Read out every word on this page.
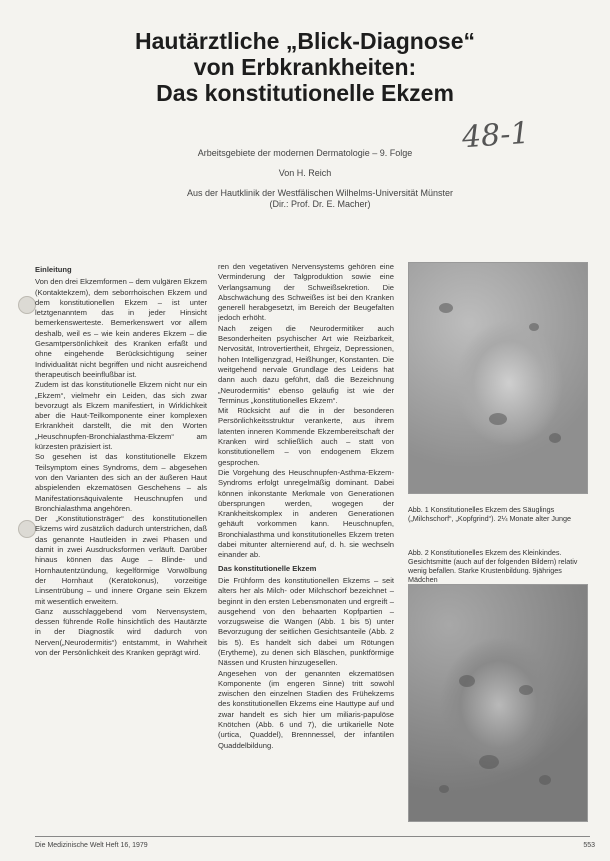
Hautärztliche „Blick-Diagnose“
von Erbkrankheiten:
Das konstitutionelle Ekzem
48-1
Arbeitsgebiete der modernen Dermatologie – 9. Folge
Von H. Reich
Aus der Hautklinik der Westfälischen Wilhelms-Universität Münster
(Dir.: Prof. Dr. E. Macher)

Einleitung

Von den drei Ekzemformen – dem vulgären Ekzem (Kontaktekzem), dem seborrhoischen Ekzem und dem konstitutionellen Ekzem – ist unter letztgenanntem das in jeder Hinsicht bemerkenswerteste. Bemerkenswert vor allem deshalb, weil es – wie kein anderes Ekzem – die Gesamtpersönlichkeit des Kranken erfaßt und ohne eingehende Berücksichtigung seiner Individualität nicht begriffen und nicht ausreichend therapeutisch beeinflußbar ist.

Zudem ist das konstitutionelle Ekzem nicht nur ein „Ekzem“, vielmehr ein Leiden, das sich zwar bevorzugt als Ekzem manifestiert, in Wirklichkeit aber die Haut-Teilkomponente einer komplexen Erkrankheit darstellt, die mit den Worten „Heuschnupfen-Bronchialasthma-Ekzem“ am kürzesten präzisiert ist.

So gesehen ist das konstitutionelle Ekzem Teilsymptom eines Syndroms, dem – abgesehen von den Varianten des sich an der äußeren Haut abspielenden ekzematösen Geschehens – als Manifestationsäquivalente Heuschnupfen und Bronchialasthma angehören.

Der „Konstitutionsträger“ des konstitutionellen Ekzems wird zusätzlich dadurch unterstrichen, daß das genannte Hautleiden in zwei Phasen und damit in zwei Ausdrucksformen verläuft. Darüber hinaus können das Auge – Blinde- und Hornhautentzündung, kegelförmige Vorwölbung der Hornhaut (Keratokonus), vorzeitige Linsentrübung – und innere Organe sein Ekzem mit wesentlich erweitern.

Ganz ausschlaggebend vom Nervensystem, dessen führende Rolle hinsichtlich des Hautärzte in der Diagnostik wird dadurch von Nerven(„Neurodermitis“) entstammt, in Wahrheit von der Persönlichkeit des Kranken geprägt wird.

ren den vegetativen Nervensystems gehören eine Verminderung der Talgproduktion sowie eine Verlangsamung der Schweißsekretion. Die Abschwächung des Schweißes ist bei den Kranken generell herabgesetzt, im Bereich der Beugefalten jedoch erhöht.

Nach zeigen die Neurodermitiker auch Besonderheiten psychischer Art wie Reizbarkeit, Nervosität, Introvertiertheit, Ehrgeiz, Depressionen, hohen Intelligenzgrad, Heißhunger, Konstanten. Die weitgehend nervale Grundlage des Leidens hat dann auch dazu geführt, daß die Bezeichnung „Neurodermitis“ ebenso geläufig ist wie der Terminus „konstitutionelles Ekzem“.

Mit Rücksicht auf die in der besonderen Persönlichkeitsstruktur verankerte, aus ihrem latenten inneren Kommende Ekzembereitschaft der Kranken wird schließlich auch – statt von konstitutionellem – von endogenem Ekzem gesprochen.

Die Vorgehung des Heuschnupfen-Asthma-Ekzem-Syndroms erfolgt unregelmäßig dominant. Dabei können inkonstante Merkmale von Generationen übersprungen werden, wogegen der Krankheitskomplex in anderen Generationen gehäuft vorkommen kann. Heuschnupfen, Bronchialasthma und konstitutionelles Ekzem treten dabei mitunter alternierend auf, d. h. sie wechseln einander ab.

Das konstitutionelle Ekzem

Die Frühform des konstitutionellen Ekzems – seit alters her als Milch- oder Milchschorf bezeichnet – beginnt in den ersten Lebensmonaten und ergreift – ausgehend von den behaarten Kopfpartien – vorzugsweise die Wangen (Abb. 1 bis 5) unter Bevorzugung der seitlichen Gesichtsanteile (Abb. 2 bis 5). Es handelt sich dabei um Rötungen (Erytheme), zu denen sich Bläschen, punktförmige Nässen und Krusten hinzugesellen.

Angesehen von der genannten ekzematösen Komponente (im engeren Sinne) tritt sowohl zwischen den einzelnen Stadien des Frühekzems des konstitutionellen Ekzems eine Hauttype auf und zwar handelt es sich hier um miliaris-papulöse Knötchen (Abb. 6 und 7), die urtikarielle Note (urtica, Quaddel), Brennnessel, der infantilen Quaddelbildung.

Abb. 1 Konstitutionelles Ekzem des Säuglings („Milchschorf“, „Kopfgrind“). 2¼ Monate alter Junge
Abb. 2 Konstitutionelles Ekzem des Kleinkindes. Gesichtsmitte (auch auf der folgenden Bildern) relativ wenig befallen. Starke Krustenbildung. 9jähriges Mädchen
Die Medizinische Welt Heft 16, 1979	553
